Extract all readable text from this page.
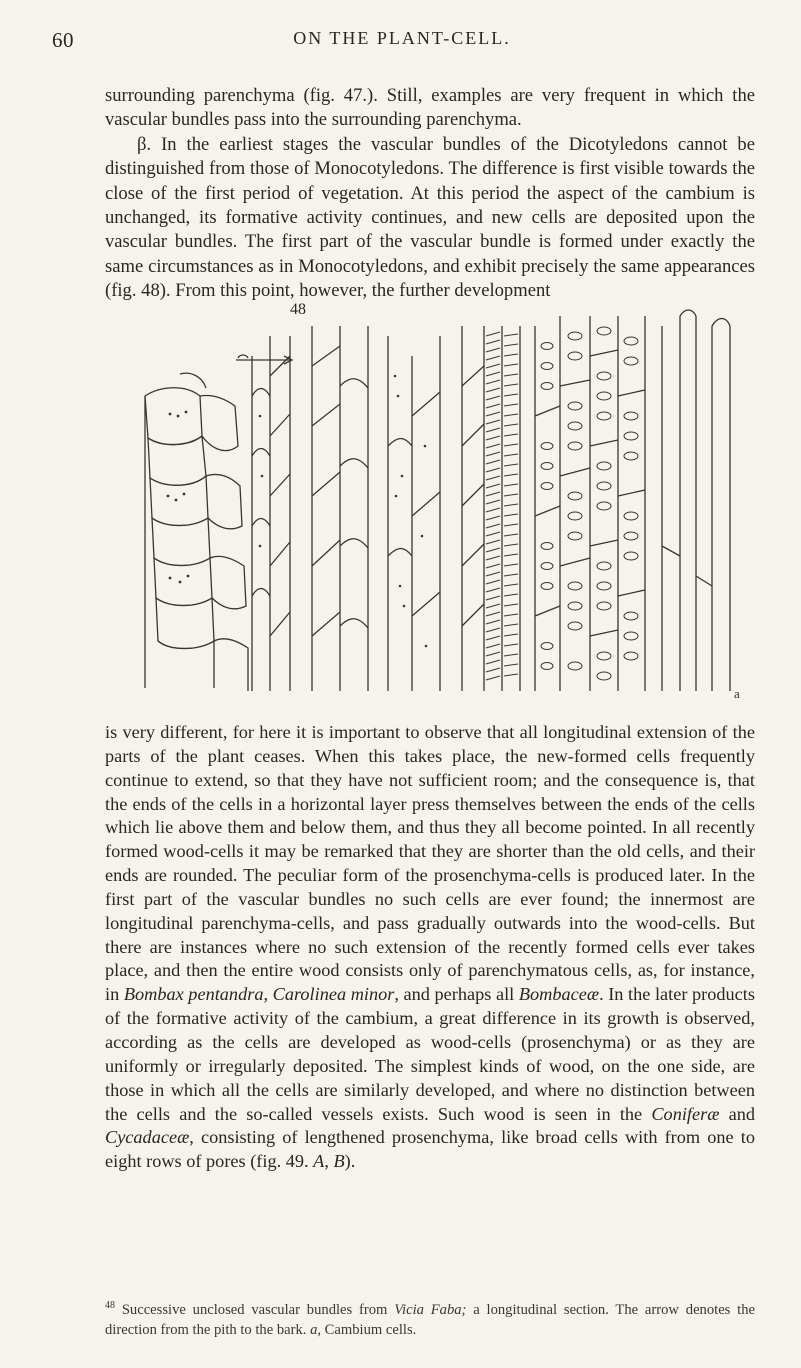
60	ON THE PLANT-CELL.
surrounding parenchyma (fig. 47.). Still, examples are very frequent in which the vascular bundles pass into the surrounding parenchyma.
β. In the earliest stages the vascular bundles of the Dicotyledons cannot be distinguished from those of Monocotyledons. The difference is first visible towards the close of the first period of vegetation. At this period the aspect of the cambium is unchanged, its formative activity continues, and new cells are deposited upon the vascular bundles. The first part of the vascular bundle is formed under exactly the same circumstances as in Monocotyledons, and exhibit precisely the same appearances (fig. 48). From this point, however, the further development
48
a
is very different, for here it is important to observe that all longitudinal extension of the parts of the plant ceases. When this takes place, the new-formed cells frequently continue to extend, so that they have not sufficient room; and the consequence is, that the ends of the cells in a horizontal layer press themselves between the ends of the cells which lie above them and below them, and thus they all become pointed. In all recently formed wood-cells it may be remarked that they are shorter than the old cells, and their ends are rounded. The peculiar form of the prosenchyma-cells is produced later. In the first part of the vascular bundles no such cells are ever found; the innermost are longitudinal parenchyma-cells, and pass gradually outwards into the wood-cells. But there are instances where no such extension of the recently formed cells ever takes place, and then the entire wood consists only of parenchymatous cells, as, for instance, in Bombax pentandra, Carolinea minor, and perhaps all Bombaceæ. In the later products of the formative activity of the cambium, a great difference in its growth is observed, according as the cells are developed as wood-cells (prosenchyma) or as they are uniformly or irregularly deposited. The simplest kinds of wood, on the one side, are those in which all the cells are similarly developed, and where no distinction between the cells and the so-called vessels exists. Such wood is seen in the Coniferæ and Cycadaceæ, consisting of lengthened prosenchyma, like broad cells with from one to eight rows of pores (fig. 49. A, B).

$^{48}$ Successive unclosed vascular bundles from Vicia Faba; a longitudinal section. The arrow denotes the direction from the pith to the bark. a, Cambium cells.
